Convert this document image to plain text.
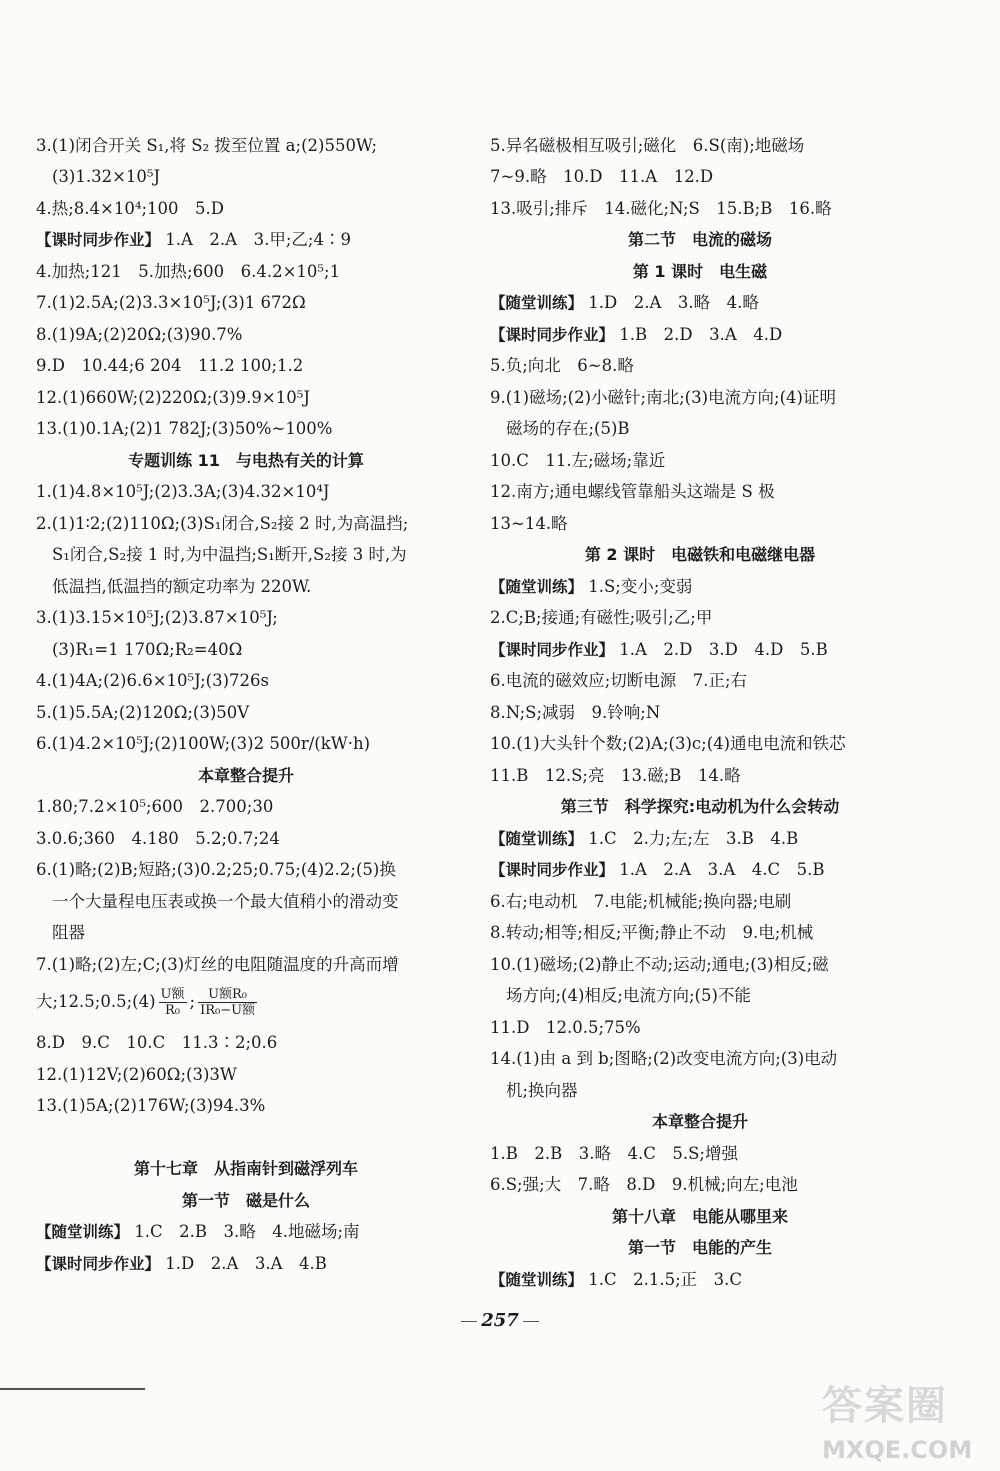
3.(1)闭合开关 S₁,将 S₂ 拨至位置 a;(2)550W;
(3)1.32×10⁵J
4.热;8.4×10⁴;100　5.D
【课时同步作业】 1.A　2.A　3.甲;乙;4∶9
4.加热;121　5.加热;600　6.4.2×10⁵;1
7.(1)2.5A;(2)3.3×10⁵J;(3)1 672Ω
8.(1)9A;(2)20Ω;(3)90.7%
9.D　10.44;6 204　11.2 100;1.2
12.(1)660W;(2)220Ω;(3)9.9×10⁵J
13.(1)0.1A;(2)1 782J;(3)50%~100%
专题训练 11　与电热有关的计算
1.(1)4.8×10⁵J;(2)3.3A;(3)4.32×10⁴J
2.(1)1∶2;(2)110Ω;(3)S₁闭合,S₂接 2 时,为高温挡;
S₁闭合,S₂接 1 时,为中温挡;S₁断开,S₂接 3 时,为
低温挡,低温挡的额定功率为 220W.
3.(1)3.15×10⁵J;(2)3.87×10⁵J;
(3)R₁=1 170Ω;R₂=40Ω
4.(1)4A;(2)6.6×10⁵J;(3)726s
5.(1)5.5A;(2)120Ω;(3)50V
6.(1)4.2×10⁵J;(2)100W;(3)2 500r/(kW·h)
本章整合提升
1.80;7.2×10⁵;600　2.700;30
3.0.6;360　4.180　5.2;0.7;24
6.(1)略;(2)B;短路;(3)0.2;25;0.75;(4)2.2;(5)换
一个大量程电压表或换一个最大值稍小的滑动变
阻器
7.(1)略;(2)左;C;(3)灯丝的电阻随温度的升高而增
大;12.5;0.5;(4) $\frac{\text{U额}}{\text{R₀}}$ ; $\frac{\text{U额R₀}}{\text{IR₀−U额}}$
8.D　9.C　10.C　11.3∶2;0.6
12.(1)12V;(2)60Ω;(3)3W
13.(1)5A;(2)176W;(3)94.3%
第十七章　从指南针到磁浮列车
第一节　磁是什么
【随堂训练】 1.C　2.B　3.略　4.地磁场;南
【课时同步作业】 1.D　2.A　3.A　4.B
5.异名磁极相互吸引;磁化　6.S(南);地磁场
7~9.略　10.D　11.A　12.D
13.吸引;排斥　14.磁化;N;S　15.B;B　16.略
第二节　电流的磁场
第 1 课时　电生磁
【随堂训练】 1.D　2.A　3.略　4.略
【课时同步作业】 1.B　2.D　3.A　4.D
5.负;向北　6~8.略
9.(1)磁场;(2)小磁针;南北;(3)电流方向;(4)证明
磁场的存在;(5)B
10.C　11.左;磁场;靠近
12.南方;通电螺线管靠船头这端是 S 极
13~14.略
第 2 课时　电磁铁和电磁继电器
【随堂训练】 1.S;变小;变弱
2.C;B;接通;有磁性;吸引;乙;甲
【课时同步作业】 1.A　2.D　3.D　4.D　5.B
6.电流的磁效应;切断电源　7.正;右
8.N;S;减弱　9.铃响;N
10.(1)大头针个数;(2)A;(3)c;(4)通电电流和铁芯
11.B　12.S;亮　13.磁;B　14.略
第三节　科学探究:电动机为什么会转动
【随堂训练】 1.C　2.力;左;左　3.B　4.B
【课时同步作业】 1.A　2.A　3.A　4.C　5.B
6.右;电动机　7.电能;机械能;换向器;电刷
8.转动;相等;相反;平衡;静止不动　9.电;机械
10.(1)磁场;(2)静止不动;运动;通电;(3)相反;磁
场方向;(4)相反;电流方向;(5)不能
11.D　12.0.5;75%
14.(1)由 a 到 b;图略;(2)改变电流方向;(3)电动
机;换向器
本章整合提升
1.B　2.B　3.略　4.C　5.S;增强
6.S;强;大　7.略　8.D　9.机械;向左;电池
第十八章　电能从哪里来
第一节　电能的产生
【随堂训练】 1.C　2.1.5;正　3.C
257
答案圈
MXQE.COM
